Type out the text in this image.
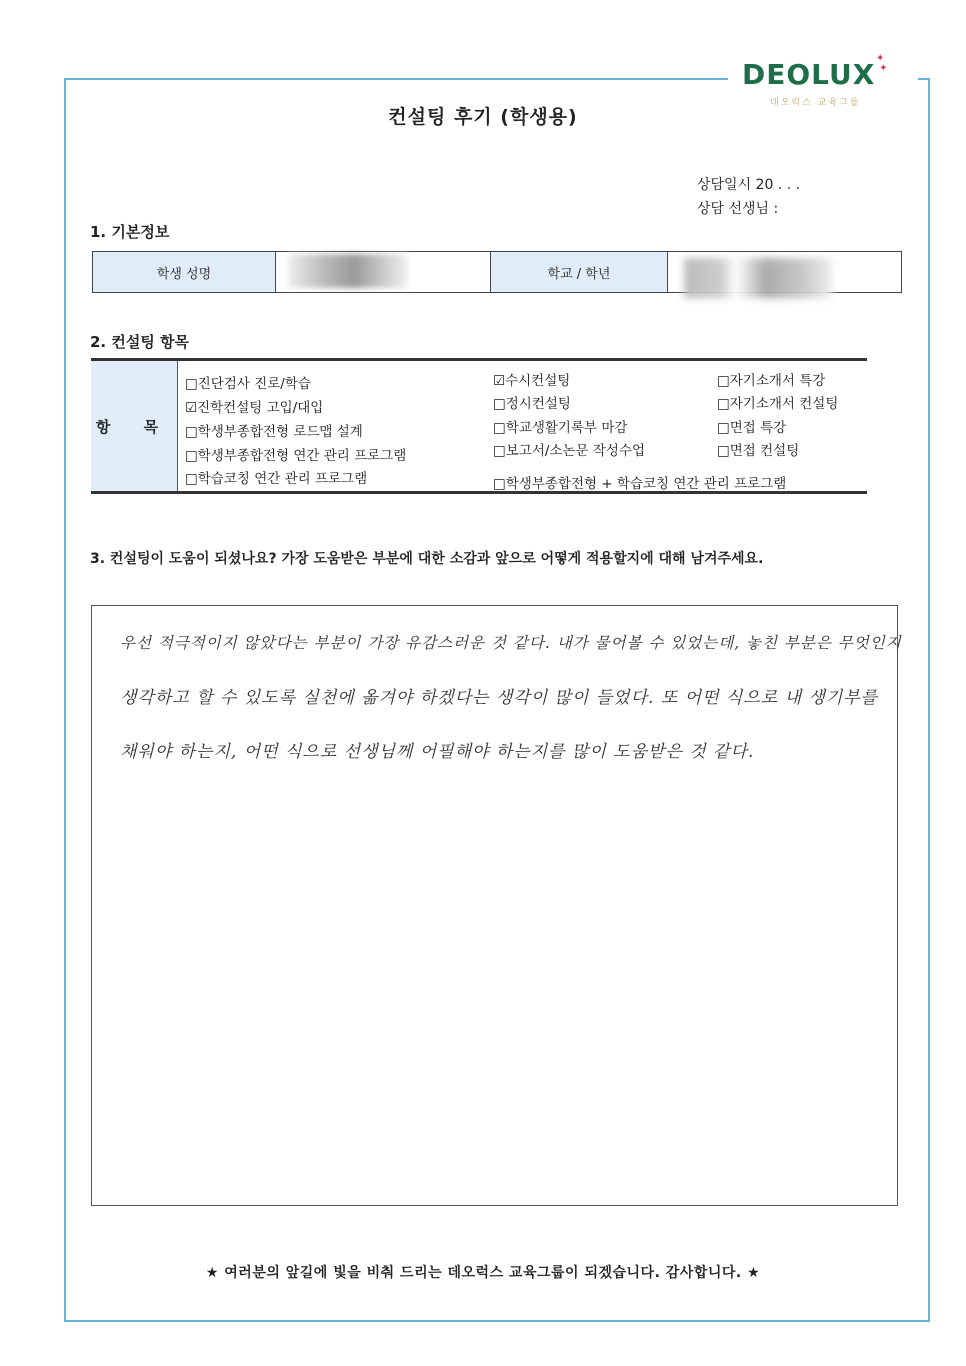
DEOLUX ✦
✦
데오럭스 교육그룹
컨설팅 후기 (학생용)
상담일시 20 . . .
상담 선생님 :
1. 기본정보
학생 성명		학교 / 학년	
2. 컨설팅 항목
항 목
□진단검사 진로/학습
☑진학컨설팅 고입/대입
□학생부종합전형 로드맵 설계
□학생부종합전형 연간 관리 프로그램
□학습코칭 연간 관리 프로그램
☑수시컨설팅
□정시컨설팅
□학교생활기록부 마감
□보고서/소논문 작성수업
□학생부종합전형 + 학습코칭 연간 관리 프로그램
□자기소개서 특강
□자기소개서 컨설팅
□면접 특강
□면접 컨설팅
3. 컨설팅이 도움이 되셨나요? 가장 도움받은 부분에 대한 소감과 앞으로 어떻게 적용할지에 대해 남겨주세요.
우선 적극적이지 않았다는 부분이 가장 유감스러운 것 같다. 내가 물어볼 수 있었는데, 놓친 부분은 무엇인지
생각하고 할 수 있도록 실천에 옮겨야 하겠다는 생각이 많이 들었다. 또 어떤 식으로 내 생기부를
채워야 하는지, 어떤 식으로 선생님께 어필해야 하는지를 많이 도움받은 것 같다.
★ 여러분의 앞길에 빛을 비춰 드리는 데오럭스 교육그룹이 되겠습니다. 감사합니다. ★
